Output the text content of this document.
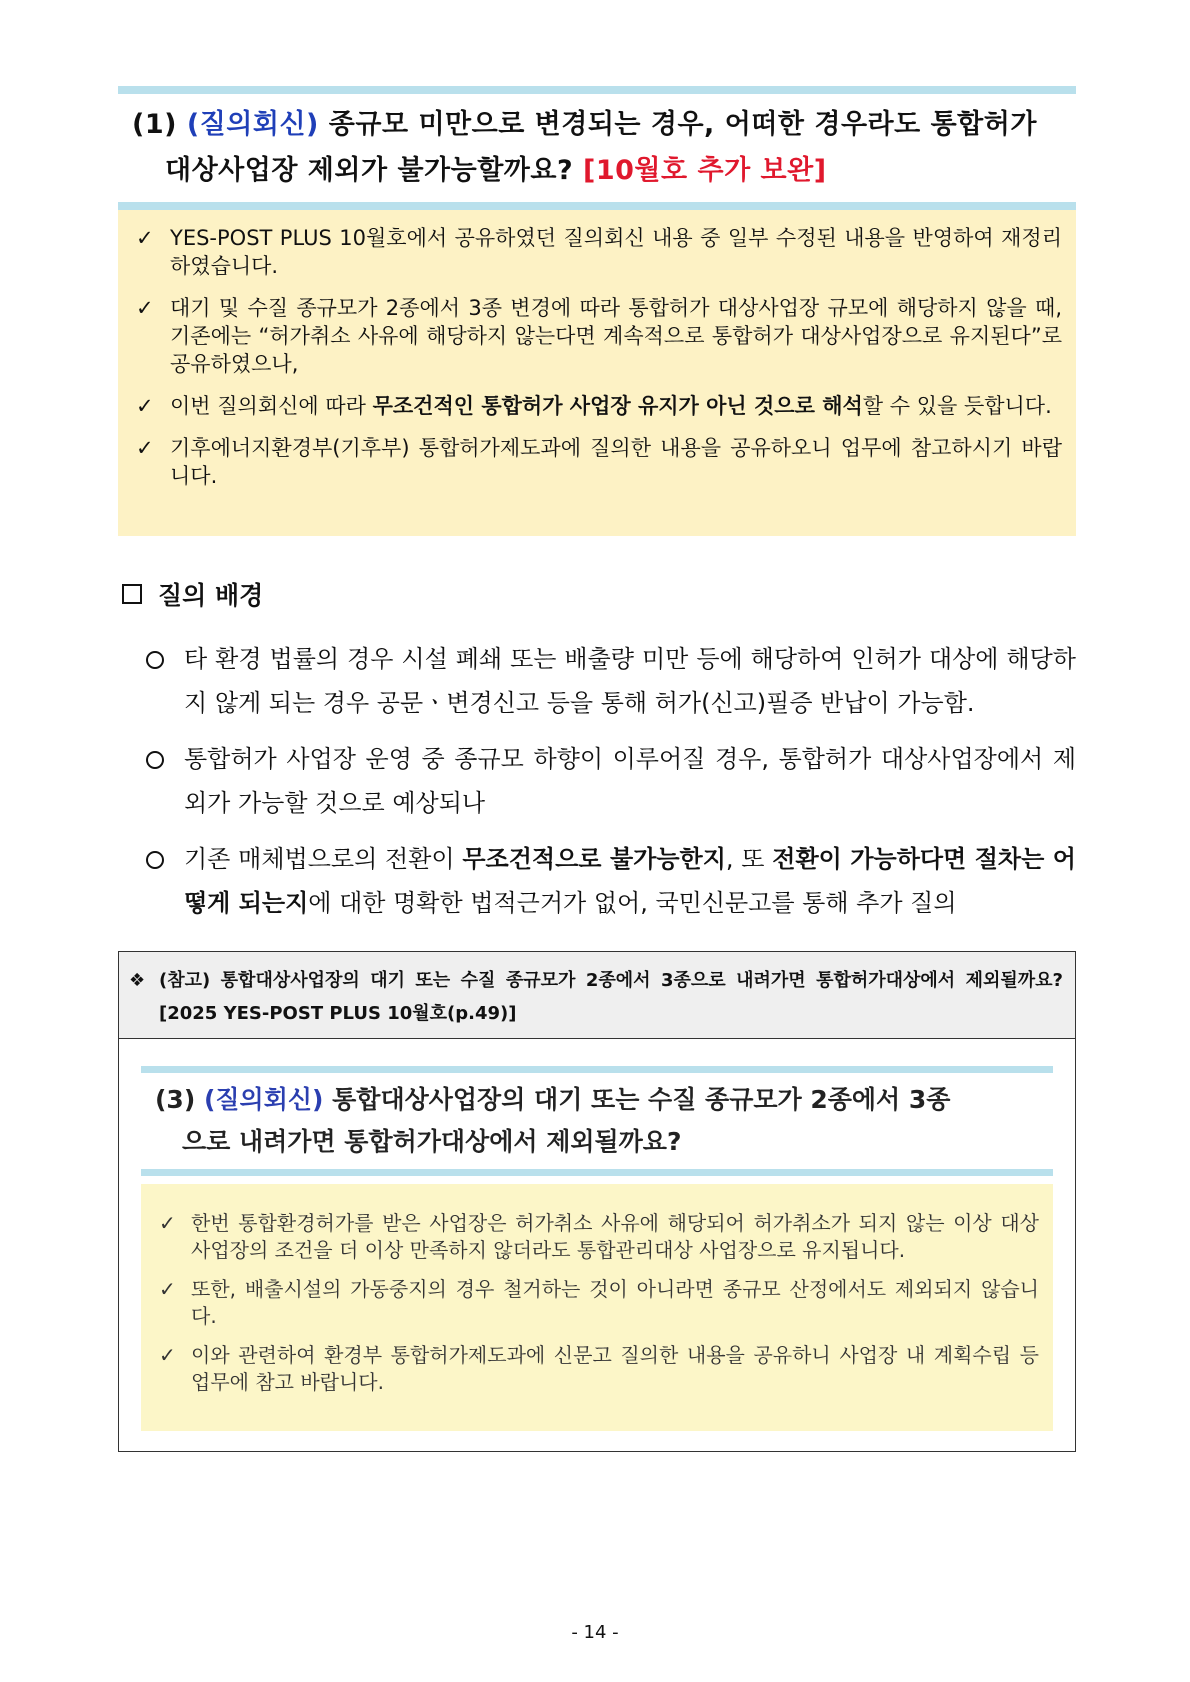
(1) (질의회신) 종규모 미만으로 변경되는 경우, 어떠한 경우라도 통합허가
대상사업장 제외가 불가능할까요? [10월호 추가 보완]
✓ YES-POST PLUS 10월호에서 공유하였던 질의회신 내용 중 일부 수정된 내용을 반영하여 재정리하였습니다.
✓ 대기 및 수질 종규모가 2종에서 3종 변경에 따라 통합허가 대상사업장 규모에 해당하지 않을 때, 기존에는 “허가취소 사유에 해당하지 않는다면 계속적으로 통합허가 대상사업장으로 유지된다”로 공유하였으나,
✓ 이번 질의회신에 따라 무조건적인 통합허가 사업장 유지가 아닌 것으로 해석할 수 있을 듯합니다.
✓ 기후에너지환경부(기후부) 통합허가제도과에 질의한 내용을 공유하오니 업무에 참고하시기 바랍니다.
질의 배경
타 환경 법률의 경우 시설 폐쇄 또는 배출량 미만 등에 해당하여 인허가 대상에 해당하지 않게 되는 경우 공문ㆍ변경신고 등을 통해 허가(신고)필증 반납이 가능함.
통합허가 사업장 운영 중 종규모 하향이 이루어질 경우, 통합허가 대상사업장에서 제외가 가능할 것으로 예상되나
기존 매체법으로의 전환이 무조건적으로 불가능한지, 또 전환이 가능하다면 절차는 어떻게 되는지에 대한 명확한 법적근거가 없어, 국민신문고를 통해 추가 질의
❖ (참고) 통합대상사업장의 대기 또는 수질 종규모가 2종에서 3종으로 내려가면 통합허가대상에서 제외될까요? [2025 YES-POST PLUS 10월호(p.49)]
(3) (질의회신) 통합대상사업장의 대기 또는 수질 종규모가 2종에서 3종
으로 내려가면 통합허가대상에서 제외될까요?
✓ 한번 통합환경허가를 받은 사업장은 허가취소 사유에 해당되어 허가취소가 되지 않는 이상 대상 사업장의 조건을 더 이상 만족하지 않더라도 통합관리대상 사업장으로 유지됩니다.
✓ 또한, 배출시설의 가동중지의 경우 철거하는 것이 아니라면 종규모 산정에서도 제외되지 않습니다.
✓ 이와 관련하여 환경부 통합허가제도과에 신문고 질의한 내용을 공유하니 사업장 내 계획수립 등 업무에 참고 바랍니다.
- 14 -
